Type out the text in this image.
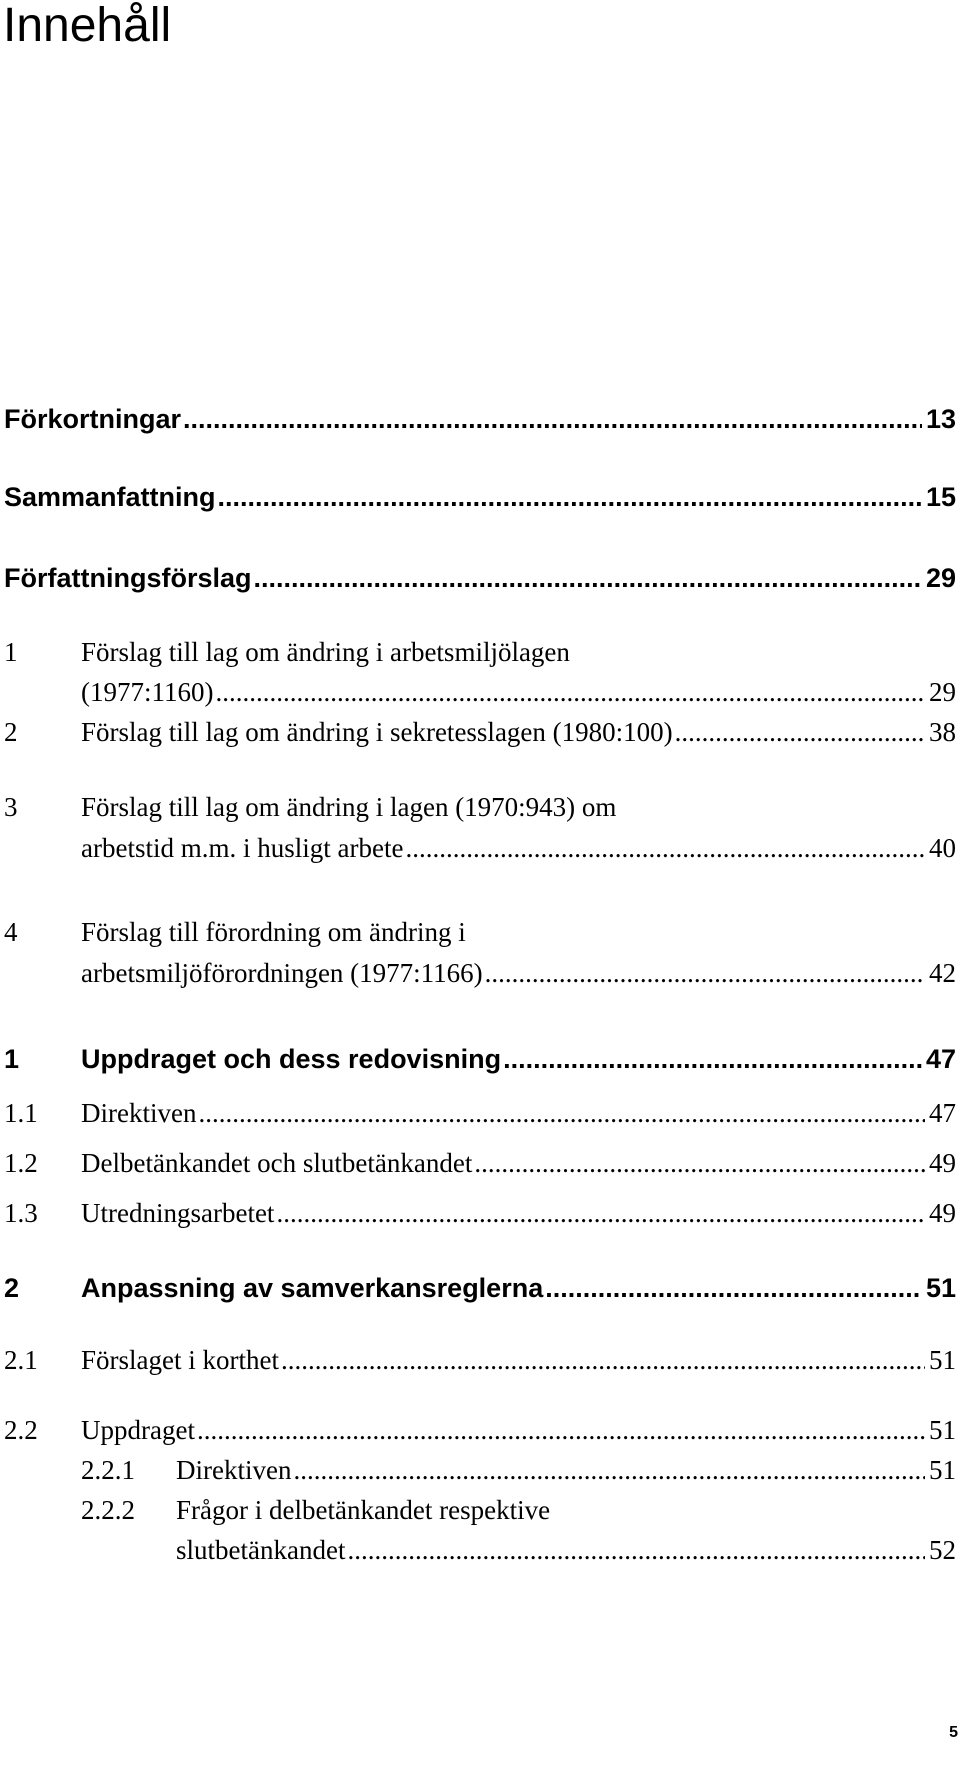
Innehåll
Förkortningar .....	13
Sammanfattning .....	15
Författningsförslag .....	29
1	Förslag till lag om ändring i arbetsmiljölagen
(1977:1160) .....	29
2	Förslag till lag om ändring i sekretesslagen (1980:100) .....	38
3	Förslag till lag om ändring i lagen (1970:943) om
arbetstid m.m. i husligt arbete .....	40
4	Förslag till förordning om ändring i
arbetsmiljöförordningen (1977:1166) .....	42
1	Uppdraget och dess redovisning .....	47
1.1	Direktiven .....	47
1.2	Delbetänkandet och slutbetänkandet .....	49
1.3	Utredningsarbetet .....	49
2	Anpassning av samverkansreglerna .....	51
2.1	Förslaget i korthet .....	51
2.2	Uppdraget .....	51
2.2.1	Direktiven .....	51
2.2.2	Frågor i delbetänkandet respektive
slutbetänkandet .....	52
5
